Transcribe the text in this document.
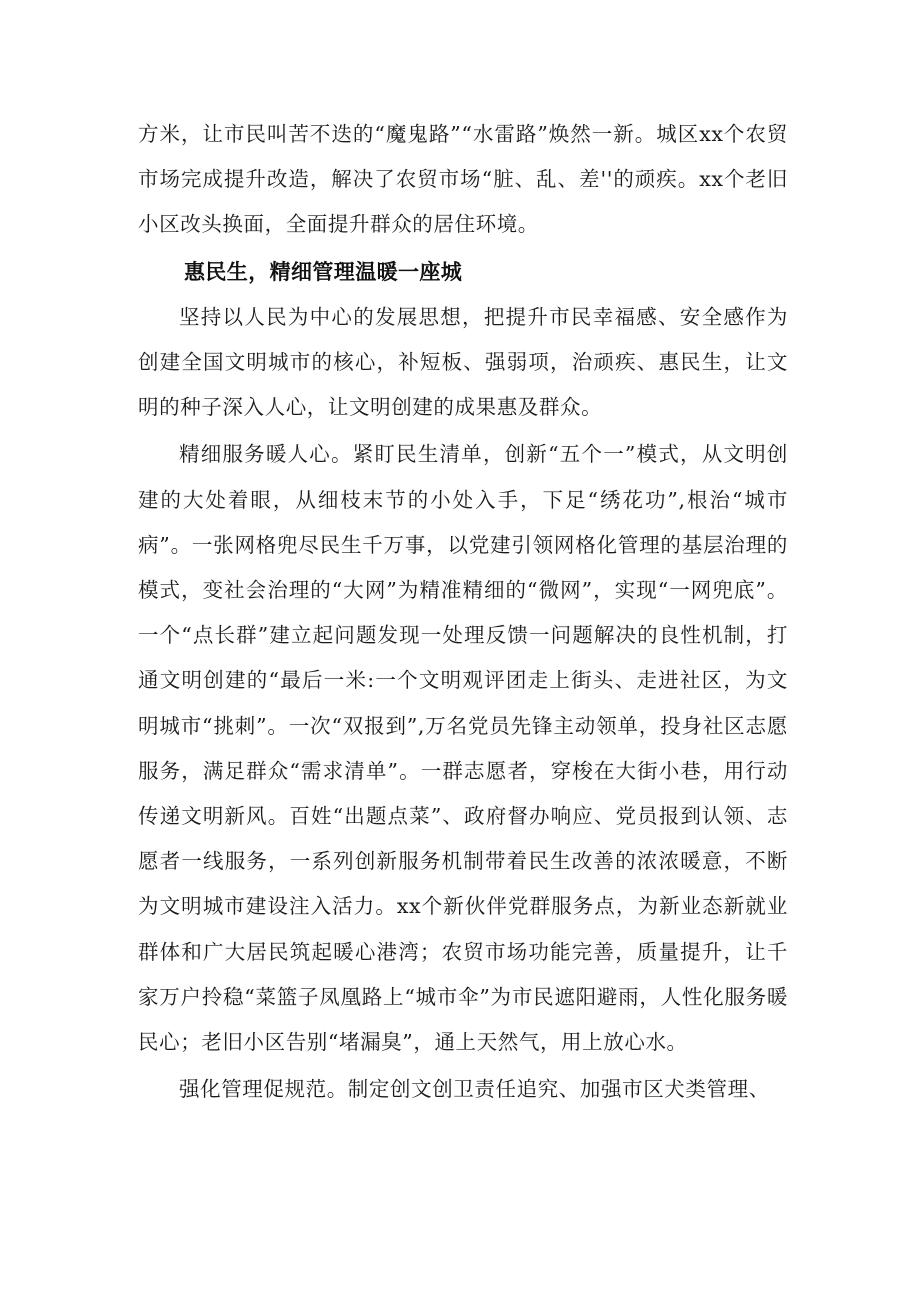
方米，让市民叫苦不迭的“魔鬼路”“水雷路”焕然一新。城区xx个农贸市场完成提升改造，解决了农贸市场“脏、乱、差''的顽疾。xx个老旧小区改头换面，全面提升群众的居住环境。

惠民生，精细管理温暖一座城

坚持以人民为中心的发展思想，把提升市民幸福感、安全感作为创建全国文明城市的核心，补短板、强弱项，治顽疾、惠民生，让文明的种子深入人心，让文明创建的成果惠及群众。

精细服务暖人心。紧盯民生清单，创新“五个一”模式，从文明创建的大处着眼，从细枝末节的小处入手，下足“绣花功”,根治“城市病”。一张网格兜尽民生千万事，以党建引领网格化管理的基层治理的模式，变社会治理的“大网”为精准精细的“微网”，实现“一网兜底”。一个“点长群”建立起问题发现一处理反馈一问题解决的良性机制，打通文明创建的“最后一米:一个文明观评团走上街头、走进社区，为文明城市“挑刺”。一次“双报到”,万名党员先锋主动领单，投身社区志愿服务，满足群众“需求清单”。一群志愿者，穿梭在大街小巷，用行动传递文明新风。百姓“出题点菜”、政府督办响应、党员报到认领、志愿者一线服务，一系列创新服务机制带着民生改善的浓浓暖意，不断为文明城市建设注入活力。xx个新伙伴党群服务点，为新业态新就业群体和广大居民筑起暖心港湾；农贸市场功能完善，质量提升，让千家万户拎稳“菜篮子凤凰路上“城市伞”为市民遮阳避雨，人性化服务暖民心；老旧小区告别“堵漏臭”，通上天然气，用上放心水。

强化管理促规范。制定创文创卫责任追究、加强市区犬类管理、
